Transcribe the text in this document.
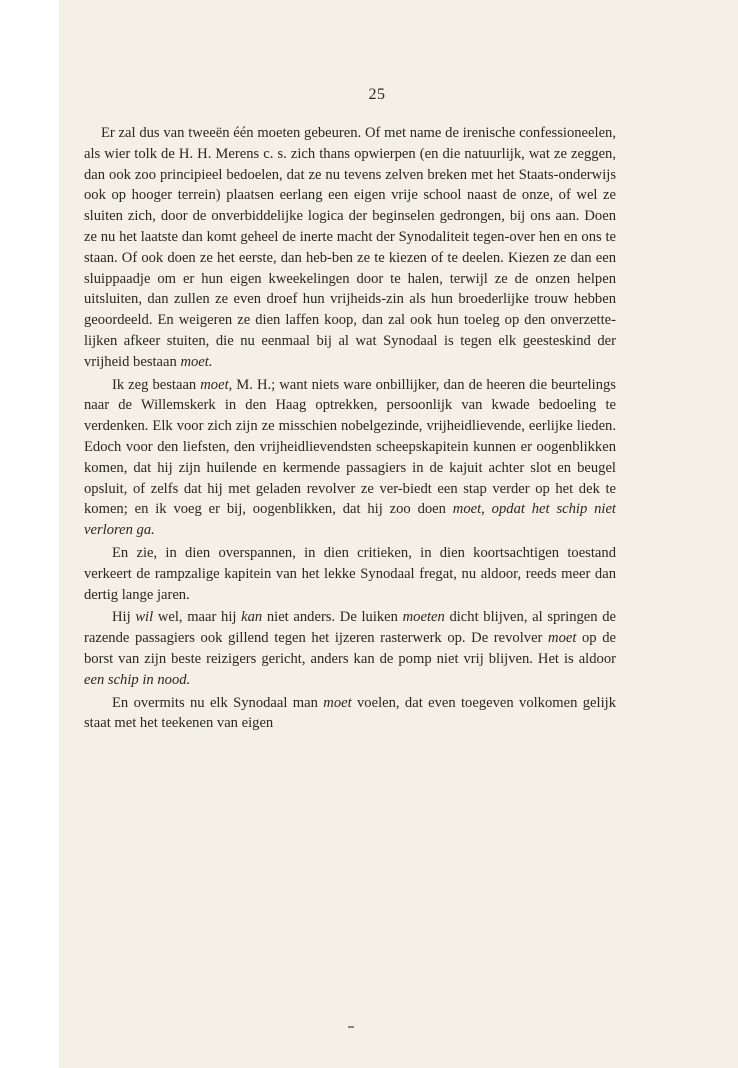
25

Er zal dus van tweeën één moeten gebeuren. Of met name de irenische confessioneelen, als wier tolk de H. H. Merens c. s. zich thans opwierpen (en die natuurlijk, wat ze zeggen, dan ook zoo principieel bedoelen, dat ze nu tevens zelven breken met het Staats-onderwijs ook op hooger terrein) plaatsen eerlang een eigen vrije school naast de onze, of wel ze sluiten zich, door de onverbiddelijke logica der beginselen gedrongen, bij ons aan. Doen ze nu het laatste dan komt geheel de inerte macht der Synodaliteit tegen-over hen en ons te staan. Of ook doen ze het eerste, dan heb-ben ze te kiezen of te deelen. Kiezen ze dan een sluippaadje om er hun eigen kweekelingen door te halen, terwijl ze de onzen helpen uitsluiten, dan zullen ze even droef hun vrijheids-zin als hun broederlijke trouw hebben geoordeeld. En weigeren ze dien laffen koop, dan zal ook hun toeleg op den onverzette-lijken afkeer stuiten, die nu eenmaal bij al wat Synodaal is tegen elk geesteskind der vrijheid bestaan moet.

Ik zeg bestaan moet, M. H.; want niets ware onbillijker, dan de heeren die beurtelings naar de Willemskerk in den Haag optrekken, persoonlijk van kwade bedoeling te verdenken. Elk voor zich zijn ze misschien nobelgezinde, vrijheidlievende, eerlijke lieden. Edoch voor den liefsten, den vrijheidlievendsten scheepskapitein kunnen er oogenblikken komen, dat hij zijn huilende en kermende passagiers in de kajuit achter slot en beugel opsluit, of zelfs dat hij met geladen revolver ze ver-biedt een stap verder op het dek te komen; en ik voeg er bij, oogenblikken, dat hij zoo doen moet, opdat het schip niet verloren ga.

En zie, in dien overspannen, in dien critieken, in dien koortsachtigen toestand verkeert de rampzalige kapitein van het lekke Synodaal fregat, nu aldoor, reeds meer dan dertig lange jaren.

Hij wil wel, maar hij kan niet anders. De luiken moeten dicht blijven, al springen de razende passagiers ook gillend tegen het ijzeren rasterwerk op. De revolver moet op de borst van zijn beste reizigers gericht, anders kan de pomp niet vrij blijven. Het is aldoor een schip in nood.

En overmits nu elk Synodaal man moet voelen, dat even toegeven volkomen gelijk staat met het teekenen van eigen
